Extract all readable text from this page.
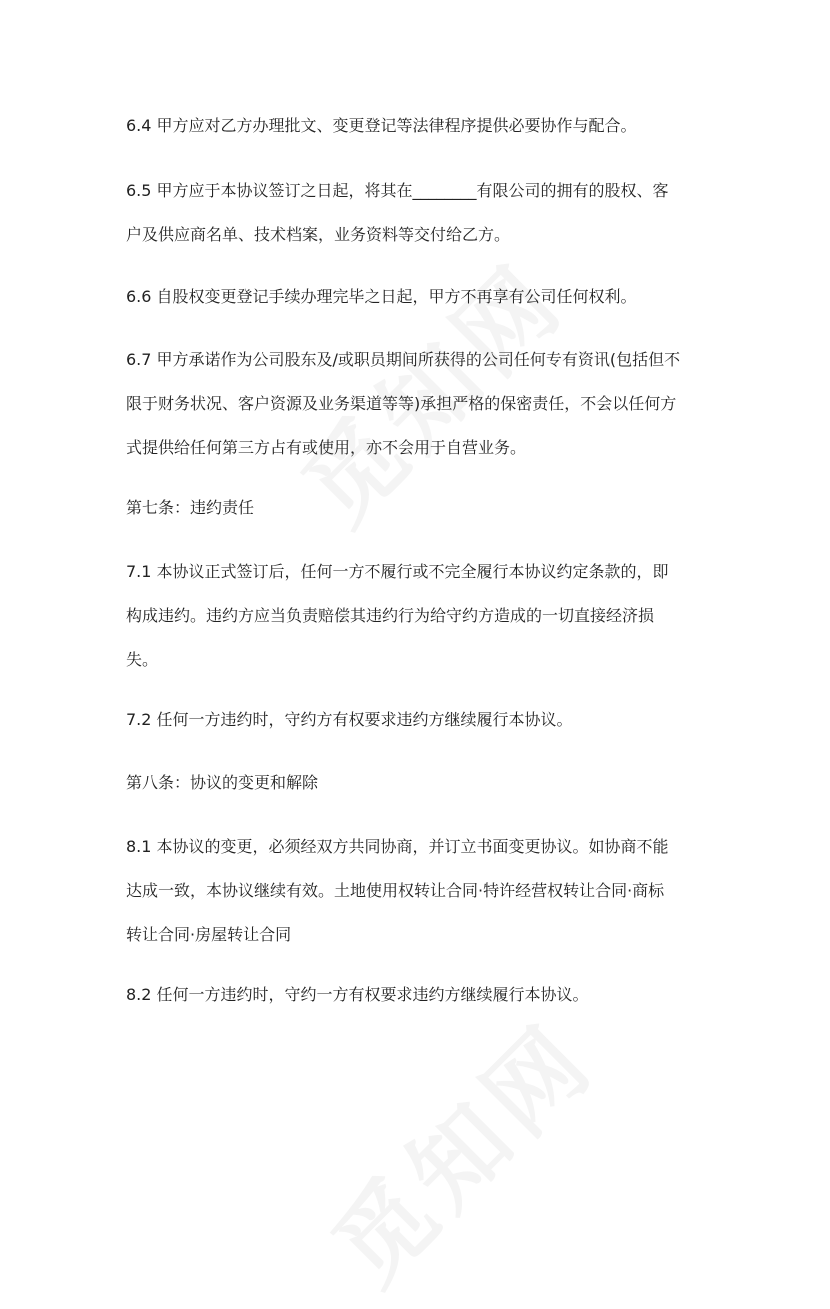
6.4 甲方应对乙方办理批文、变更登记等法律程序提供必要协作与配合。
6.5 甲方应于本协议签订之日起，将其在________有限公司的拥有的股权、客
户及供应商名单、技术档案，业务资料等交付给乙方。
6.6 自股权变更登记手续办理完毕之日起，甲方不再享有公司任何权利。
6.7 甲方承诺作为公司股东及/或职员期间所获得的公司任何专有资讯(包括但不
限于财务状况、客户资源及业务渠道等等)承担严格的保密责任，不会以任何方
式提供给任何第三方占有或使用，亦不会用于自营业务。
第七条：违约责任
7.1 本协议正式签订后，任何一方不履行或不完全履行本协议约定条款的，即
构成违约。违约方应当负责赔偿其违约行为给守约方造成的一切直接经济损
失。
7.2 任何一方违约时，守约方有权要求违约方继续履行本协议。
第八条：协议的变更和解除
8.1 本协议的变更，必须经双方共同协商，并订立书面变更协议。如协商不能
达成一致，本协议继续有效。土地使用权转让合同·特许经营权转让合同·商标
转让合同·房屋转让合同
8.2 任何一方违约时，守约一方有权要求违约方继续履行本协议。
